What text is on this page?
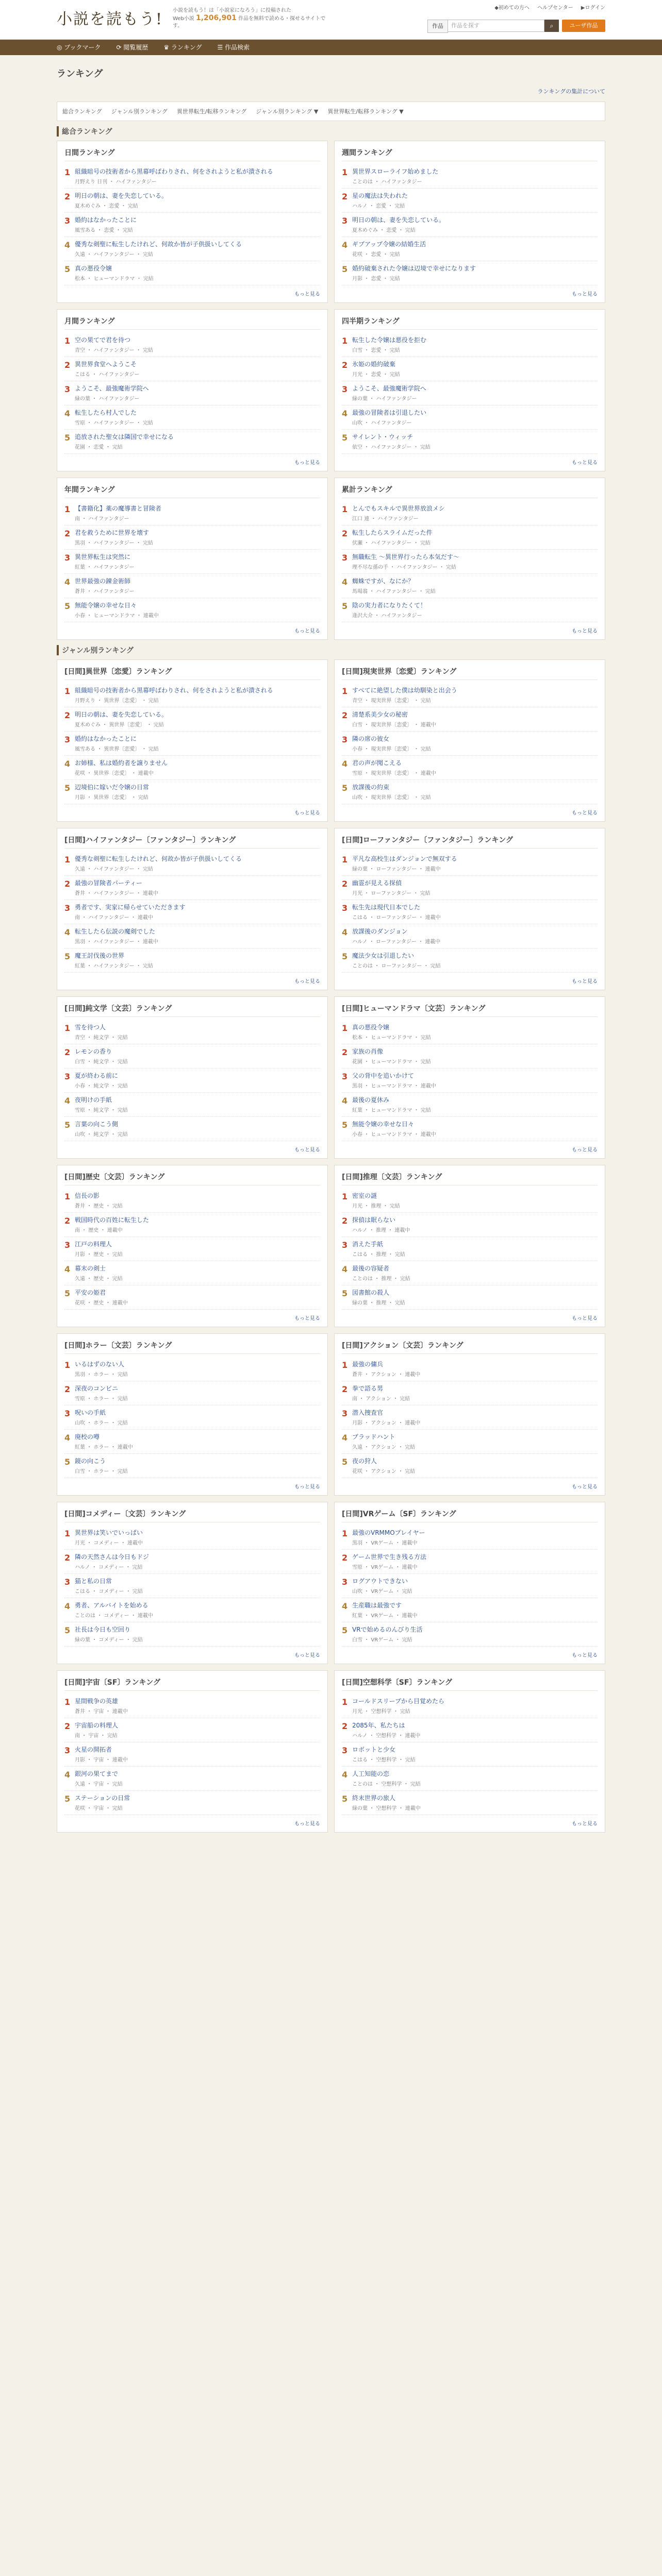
小説を読もう! 小説を読もう！は「小説家になろう」に投稿された
Web小説 1,206,901 作品を無料で読める・探せるサイトです。
◆初めての方へ ヘルプセンター ▶ログイン
作品	作品を探す	⌕	ユーザ作品
◎ ブックマーク	⟳ 閲覧履歴	♛ ランキング	☰ 作品検索
ランキング
ランキングの集計について
総合ランキング ジャンル別ランキング 異世界転生/転移ランキング ジャンル別ランキング ▼ 異世界転生/転移ランキング ▼
総合ランキング
日間ランキング
1 組織暗号の技術者から黒幕呼ばわりされ、何をされようと私が潰される
月野えり 日刊 ・ ハイファンタジー
2 明日の朝は、妻を失恋している。
夏木めぐみ ・ 恋愛 ・ 完結
3 婚約はなかったことに
風雪ある ・ 恋愛 ・ 完結
4 優秀な剣聖に転生したけれど、何故か皆が子供扱いしてくる
久遠 ・ ハイファンタジー ・ 完結
5 真の悪役令嬢
松本 ・ ヒューマンドラマ ・ 完結
もっと見る
週間ランキング
1 異世界スローライフ始めました
ことのは ・ ハイファンタジー
2 星の魔法は失われた
ハルノ ・ 恋愛 ・ 完結
3 明日の朝は、妻を失恋している。
夏木めぐみ ・ 恋愛 ・ 完結
4 ギブアップ令嬢の結婚生活
花咲 ・ 恋愛 ・ 完結
5 婚約破棄された令嬢は辺境で幸せになります
月影 ・ 恋愛 ・ 完結
もっと見る
月間ランキング
1 空の果てで君を待つ
青空 ・ ハイファンタジー ・ 完結
2 異世界食堂へようこそ
こはる ・ ハイファンタジー
3 ようこそ、最強魔術学院へ
緑の葉 ・ ハイファンタジー
4 転生したら村人でした
雪原 ・ ハイファンタジー ・ 完結
5 追放された聖女は隣国で幸せになる
花園 ・ 恋愛 ・ 完結
もっと見る
四半期ランキング
1 転生した令嬢は悪役を拒む
白雪 ・ 恋愛 ・ 完結
2 氷姫の婚約破棄
月光 ・ 恋愛 ・ 完結
3 ようこそ、最強魔術学院へ
緑の葉 ・ ハイファンタジー
4 最強の冒険者は引退したい
山吹 ・ ハイファンタジー
5 サイレント・ウィッチ
依空 ・ ハイファンタジー ・ 完結
もっと見る
年間ランキング
1 【書籍化】薬の魔導書と冒険者
南 ・ ハイファンタジー
2 君を救うために世界を壊す
黒羽 ・ ハイファンタジー ・ 完結
3 異世界転生は突然に
紅葉 ・ ハイファンタジー
4 世界最強の錬金術師
蒼井 ・ ハイファンタジー
5 無能令嬢の幸せな日々
小春 ・ ヒューマンドラマ ・ 連載中
もっと見る
累計ランキング
1 とんでもスキルで異世界放浪メシ
江口 連 ・ ハイファンタジー
2 転生したらスライムだった件
伏瀬 ・ ハイファンタジー ・ 完結
3 無職転生 ～異世界行ったら本気だす～
理不尽な孫の手 ・ ハイファンタジー ・ 完結
4 蜘蛛ですが、なにか？
馬場翁 ・ ハイファンタジー ・ 完結
5 陰の実力者になりたくて！
逢沢大介 ・ ハイファンタジー
もっと見る
ジャンル別ランキング
[日間]異世界〔恋愛〕ランキング
1 組織暗号の技術者から黒幕呼ばわりされ、何をされようと私が潰される
月野えり ・ 異世界〔恋愛〕 ・ 完結
2 明日の朝は、妻を失恋している。
夏木めぐみ ・ 異世界〔恋愛〕 ・ 完結
3 婚約はなかったことに
風雪ある ・ 異世界〔恋愛〕 ・ 完結
4 お姉様、私は婚約者を譲りません
花咲 ・ 異世界〔恋愛〕 ・ 連載中
5 辺境伯に嫁いだ令嬢の日常
月影 ・ 異世界〔恋愛〕 ・ 完結
もっと見る
[日間]現実世界〔恋愛〕ランキング
1 すべてに絶望した僕は幼馴染と出会う
青空 ・ 現実世界〔恋愛〕 ・ 完結
2 清楚系美少女の秘密
白雪 ・ 現実世界〔恋愛〕 ・ 連載中
3 隣の席の彼女
小春 ・ 現実世界〔恋愛〕 ・ 完結
4 君の声が聞こえる
雪原 ・ 現実世界〔恋愛〕 ・ 連載中
5 放課後の約束
山吹 ・ 現実世界〔恋愛〕 ・ 完結
もっと見る
[日間]ハイファンタジー〔ファンタジー〕ランキング
1 優秀な剣聖に転生したけれど、何故か皆が子供扱いしてくる
久遠 ・ ハイファンタジー ・ 完結
2 最強の冒険者パーティー
蒼井 ・ ハイファンタジー ・ 連載中
3 勇者です、実家に帰らせていただきます
南 ・ ハイファンタジー ・ 連載中
4 転生したら伝説の魔剣でした
黒羽 ・ ハイファンタジー ・ 連載中
5 魔王討伐後の世界
紅葉 ・ ハイファンタジー ・ 完結
もっと見る
[日間]ローファンタジー〔ファンタジー〕ランキング
1 平凡な高校生はダンジョンで無双する
緑の葉 ・ ローファンタジー ・ 連載中
2 幽霊が見える探偵
月光 ・ ローファンタジー ・ 完結
3 転生先は現代日本でした
こはる ・ ローファンタジー ・ 連載中
4 放課後のダンジョン
ハルノ ・ ローファンタジー ・ 連載中
5 魔法少女は引退したい
ことのは ・ ローファンタジー ・ 完結
もっと見る
[日間]純文学〔文芸〕ランキング
1 雪を待つ人
青空 ・ 純文学 ・ 完結
2 レモンの香り
白雪 ・ 純文学 ・ 完結
3 夏が終わる前に
小春 ・ 純文学 ・ 完結
4 夜明けの手紙
雪原 ・ 純文学 ・ 完結
5 言葉の向こう側
山吹 ・ 純文学 ・ 完結
もっと見る
[日間]ヒューマンドラマ〔文芸〕ランキング
1 真の悪役令嬢
松本 ・ ヒューマンドラマ ・ 完結
2 家族の肖像
花園 ・ ヒューマンドラマ ・ 完結
3 父の背中を追いかけて
黒羽 ・ ヒューマンドラマ ・ 連載中
4 最後の夏休み
紅葉 ・ ヒューマンドラマ ・ 完結
5 無能令嬢の幸せな日々
小春 ・ ヒューマンドラマ ・ 連載中
もっと見る
[日間]歴史〔文芸〕ランキング
1 信長の影
蒼井 ・ 歴史 ・ 完結
2 戦国時代の百姓に転生した
南 ・ 歴史 ・ 連載中
3 江戸の料理人
月影 ・ 歴史 ・ 完結
4 幕末の剣士
久遠 ・ 歴史 ・ 完結
5 平安の姫君
花咲 ・ 歴史 ・ 連載中
もっと見る
[日間]推理〔文芸〕ランキング
1 密室の謎
月光 ・ 推理 ・ 完結
2 探偵は眠らない
ハルノ ・ 推理 ・ 連載中
3 消えた手紙
こはる ・ 推理 ・ 完結
4 最後の容疑者
ことのは ・ 推理 ・ 完結
5 図書館の殺人
緑の葉 ・ 推理 ・ 完結
もっと見る
[日間]ホラー〔文芸〕ランキング
1 いるはずのない人
黒羽 ・ ホラー ・ 完結
2 深夜のコンビニ
雪原 ・ ホラー ・ 完結
3 呪いの手紙
山吹 ・ ホラー ・ 完結
4 廃校の噂
紅葉 ・ ホラー ・ 連載中
5 鏡の向こう
白雪 ・ ホラー ・ 完結
もっと見る
[日間]アクション〔文芸〕ランキング
1 最強の傭兵
蒼井 ・ アクション ・ 連載中
2 拳で語る男
南 ・ アクション ・ 完結
3 潜入捜査官
月影 ・ アクション ・ 連載中
4 ブラッドハント
久遠 ・ アクション ・ 完結
5 夜の狩人
花咲 ・ アクション ・ 完結
もっと見る
[日間]コメディー〔文芸〕ランキング
1 異世界は笑いでいっぱい
月光 ・ コメディー ・ 連載中
2 隣の天然さんは今日もドジ
ハルノ ・ コメディー ・ 完結
3 猫と私の日常
こはる ・ コメディー ・ 完結
4 勇者、アルバイトを始める
ことのは ・ コメディー ・ 連載中
5 社長は今日も空回り
緑の葉 ・ コメディー ・ 完結
もっと見る
[日間]VRゲーム〔SF〕ランキング
1 最強のVRMMOプレイヤー
黒羽 ・ VRゲーム ・ 連載中
2 ゲーム世界で生き残る方法
雪原 ・ VRゲーム ・ 連載中
3 ログアウトできない
山吹 ・ VRゲーム ・ 完結
4 生産職は最強です
紅葉 ・ VRゲーム ・ 連載中
5 VRで始めるのんびり生活
白雪 ・ VRゲーム ・ 完結
もっと見る
[日間]宇宙〔SF〕ランキング
1 星間戦争の英雄
蒼井 ・ 宇宙 ・ 連載中
2 宇宙船の料理人
南 ・ 宇宙 ・ 完結
3 火星の開拓者
月影 ・ 宇宙 ・ 連載中
4 銀河の果てまで
久遠 ・ 宇宙 ・ 完結
5 ステーションの日常
花咲 ・ 宇宙 ・ 完結
もっと見る
[日間]空想科学〔SF〕ランキング
1 コールドスリープから目覚めたら
月光 ・ 空想科学 ・ 完結
2 2085年、私たちは
ハルノ ・ 空想科学 ・ 連載中
3 ロボットと少女
こはる ・ 空想科学 ・ 完結
4 人工知能の恋
ことのは ・ 空想科学 ・ 完結
5 終末世界の旅人
緑の葉 ・ 空想科学 ・ 連載中
もっと見る
